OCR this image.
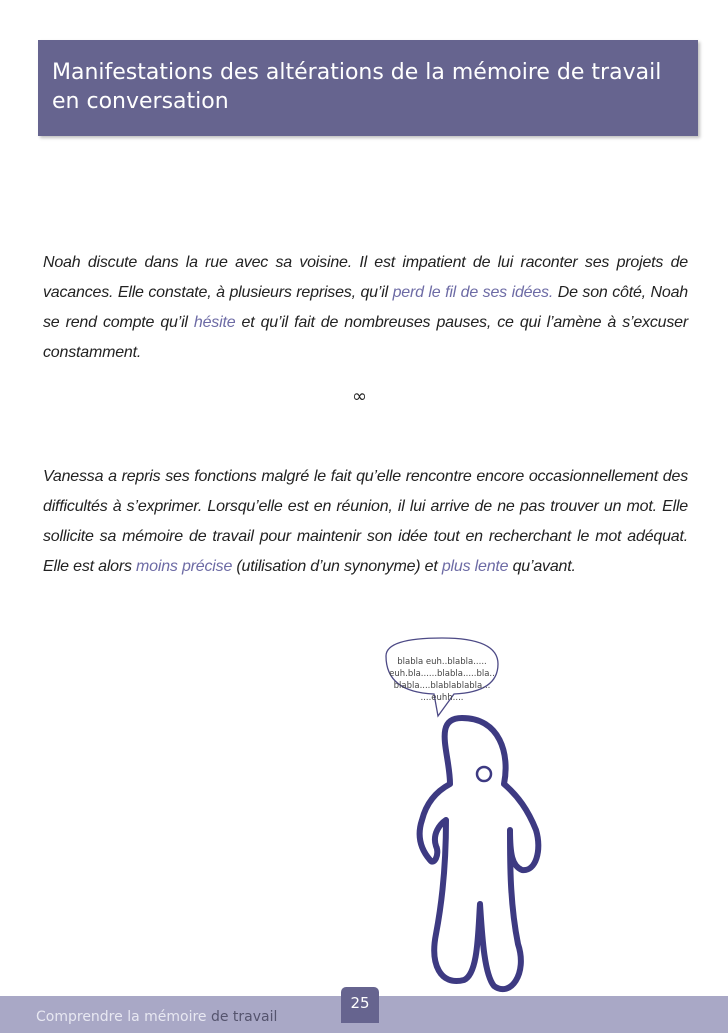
Manifestations des altérations de la mémoire de travail en conversation
Noah discute dans la rue avec sa voisine. Il est impatient de lui raconter ses projets de vacances. Elle constate, à plusieurs reprises, qu’il perd le fil de ses idées. De son côté, Noah se rend compte qu’il hésite et qu’il fait de nombreuses pauses, ce qui l’amène à s’excuser constamment.
∞
Vanessa a repris ses fonctions malgré le fait qu’elle rencontre encore occasionnellement des difficultés à s’exprimer. Lorsqu’elle est en réunion, il lui arrive de ne pas trouver un mot. Elle sollicite sa mémoire de travail pour maintenir son idée tout en recherchant le mot adéquat. Elle est alors moins précise (utilisation d’un synonyme) et plus lente qu’avant.
blabla euh..blabla.....
euh.bla......blabla.....bla..
blabla....blablablabla...
....euhh....
Comprendre la mémoire de travail
25
